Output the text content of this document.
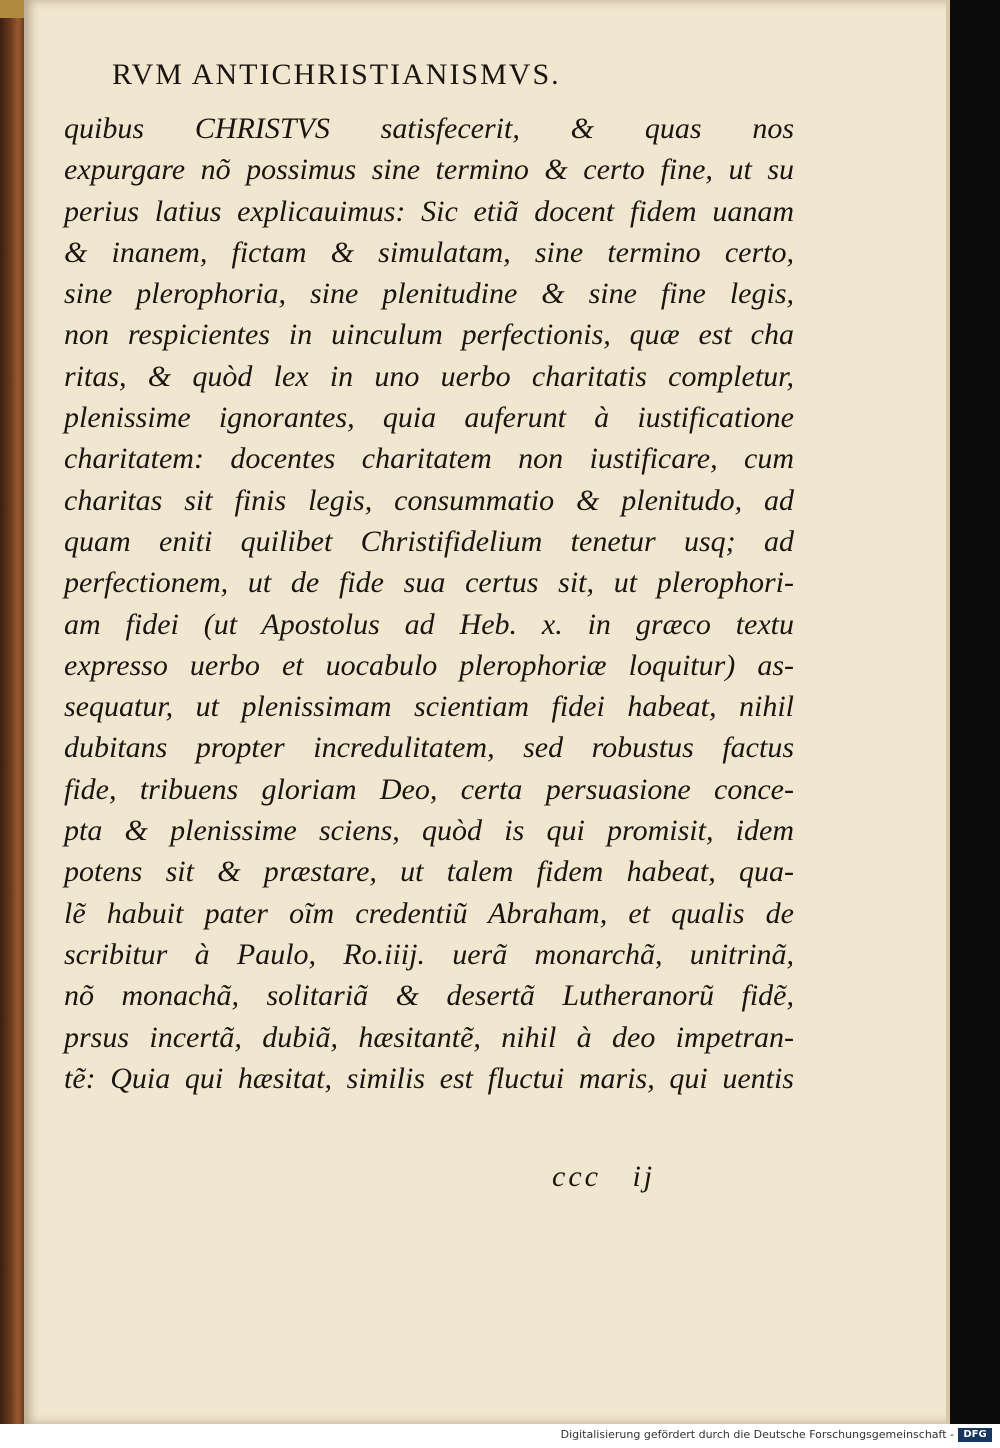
RVM ANTICHRISTIANISMVS.
quibus CHRISTVS satisfecerit, & quas nos
expurgare nõ possimus sine termino & certo fine, ut su
perius latius explicauimus: Sic etiã docent fidem uanam
& inanem, fictam & simulatam, sine termino certo,
sine plerophoria, sine plenitudine & sine fine legis,
non respicientes in uinculum perfectionis, quæ est cha
ritas, & quòd lex in uno uerbo charitatis completur,
plenissime ignorantes, quia auferunt à iustificatione
charitatem: docentes charitatem non iustificare, cum
charitas sit finis legis, consummatio & plenitudo, ad
quam eniti quilibet Christifidelium tenetur usq; ad
perfectionem, ut de fide sua certus sit, ut plerophori-
am fidei (ut Apostolus ad Heb. x. in græco textu
expresso uerbo et uocabulo plerophoriæ loquitur) as-
sequatur, ut plenissimam scientiam fidei habeat, nihil
dubitans propter incredulitatem, sed robustus factus
fide, tribuens gloriam Deo, certa persuasione conce-
pta & plenissime sciens, quòd is qui promisit, idem
potens sit & præstare, ut talem fidem habeat, qua-
lẽ habuit pater oĩm credentiũ Abraham, et qualis de
scribitur à Paulo, Ro.iiij. uerã monarchã, unitrinã,
nõ monachã, solitariã & desertã Lutheranorũ fidẽ,
prsus incertã, dubiã, hæsitantẽ, nihil à deo impetran-
tẽ: Quia qui hæsitat, similis est fluctui maris, qui uentis
ccc   ij
Digitalisierung gefördert durch die Deutsche Forschungsgemeinschaft - DFG
